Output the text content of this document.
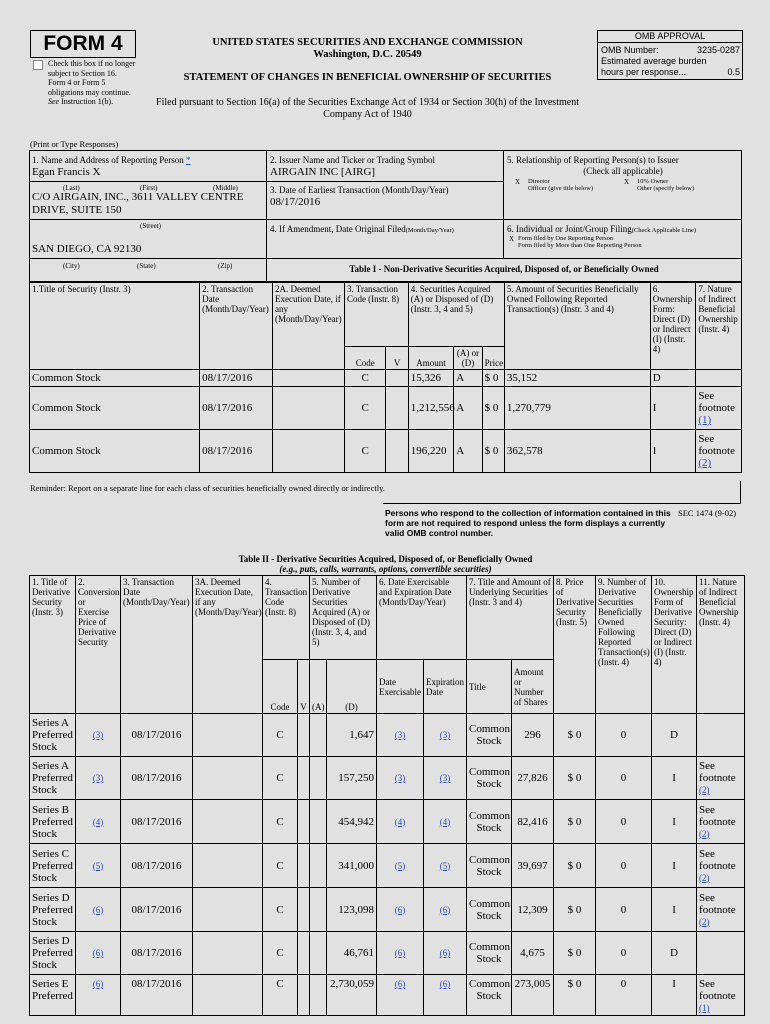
FORM 4
Check this box if no longer subject to Section 16. Form 4 or Form 5 obligations may continue. See Instruction 1(b).
UNITED STATES SECURITIES AND EXCHANGE COMMISSION
Washington, D.C. 20549
STATEMENT OF CHANGES IN BENEFICIAL OWNERSHIP OF SECURITIES
Filed pursuant to Section 16(a) of the Securities Exchange Act of 1934 or Section 30(h) of the Investment Company Act of 1940
OMB APPROVAL
OMB Number:	3235-0287
Estimated average burden
hours per response...	0.5
(Print or Type Responses)
1. Name and Address of Reporting Person *
Egan Francis X
(Last)	(First)	(Middle)
C/O AIRGAIN, INC., 3611 VALLEY CENTRE DRIVE, SUITE 150
(Street)
SAN DIEGO, CA 92130
(City)	(State)	(Zip)
2. Issuer Name and Ticker or Trading Symbol
AIRGAIN INC [AIRG]
3. Date of Earliest Transaction (Month/Day/Year)
08/17/2016
4. If Amendment, Date Original Filed(Month/Day/Year)
5. Relationship of Reporting Person(s) to Issuer
(Check all applicable)
X Director	X 10% Owner
Officer (give title below)	Other (specify below)
6. Individual or Joint/Group Filing(Check Applicable Line)
X Form filed by One Reporting Person
Form filed by More than One Reporting Person
Table I - Non-Derivative Securities Acquired, Disposed of, or Beneficially Owned
1.Title of Security (Instr. 3)	2. Transaction Date (Month/Day/Year)	2A. Deemed Execution Date, if any (Month/Day/Year)	3. Transaction Code (Instr. 8)		4. Securities Acquired (A) or Disposed of (D) (Instr. 3, 4 and 5)			5. Amount of Securities Beneficially Owned Following Reported Transaction(s) (Instr. 3 and 4)	6. Ownership Form: Direct (D) or Indirect (I) (Instr. 4)	7. Nature of Indirect Beneficial Ownership (Instr. 4)
			Code	V	Amount	(A) or (D)	Price			
Common Stock	08/17/2016		C		15,326	A	$ 0	35,152	D	
Common Stock	08/17/2016		C		1,212,556	A	$ 0	1,270,779	I	See footnote
(1)
Common Stock	08/17/2016		C		196,220	A	$ 0	362,578	I	See footnote
(2)
Reminder: Report on a separate line for each class of securities beneficially owned directly or indirectly.
Persons who respond to the collection of information contained in this form are not required to respond unless the form displays a currently valid OMB control number.
SEC 1474 (9-02)
Table II - Derivative Securities Acquired, Disposed of, or Beneficially Owned
(e.g., puts, calls, warrants, options, convertible securities)
1. Title of Derivative Security (Instr. 3)	2. Conversion or Exercise Price of Derivative Security	3. Transaction Date (Month/Day/Year)	3A. Deemed Execution Date, if any (Month/Day/Year)	4. Transaction Code (Instr. 8)		5. Number of Derivative Securities Acquired (A) or Disposed of (D) (Instr. 3, 4, and 5)		6. Date Exercisable and Expiration Date (Month/Day/Year)		7. Title and Amount of Underlying Securities (Instr. 3 and 4)		8. Price of Derivative Security (Instr. 5)	9. Number of Derivative Securities Beneficially Owned Following Reported Transaction(s) (Instr. 4)	10. Ownership Form of Derivative Security: Direct (D) or Indirect (I) (Instr. 4)	11. Nature of Indirect Beneficial Ownership (Instr. 4)
				Code	V	(A)	(D)	Date Exercisable	Expiration Date	Title	Amount or Number of Shares				
Series A Preferred Stock	(3)	08/17/2016		C			1,647	(3)	(3)	Common Stock	296	$ 0	0	D	
Series A Preferred Stock	(3)	08/17/2016		C			157,250	(3)	(3)	Common Stock	27,826	$ 0	0	I	See footnote
(2)
Series B Preferred Stock	(4)	08/17/2016		C			454,942	(4)	(4)	Common Stock	82,416	$ 0	0	I	See footnote
(2)
Series C Preferred Stock	(5)	08/17/2016		C			341,000	(5)	(5)	Common Stock	39,697	$ 0	0	I	See footnote
(2)
Series D Preferred Stock	(6)	08/17/2016		C			123,098	(6)	(6)	Common Stock	12,309	$ 0	0	I	See footnote
(2)
Series D Preferred Stock	(6)	08/17/2016		C			46,761	(6)	(6)	Common Stock	4,675	$ 0	0	D	
Series E Preferred	(6)	08/17/2016		C			2,730,059	(6)	(6)	Common Stock	273,005	$ 0	0	I	See footnote
(1)
